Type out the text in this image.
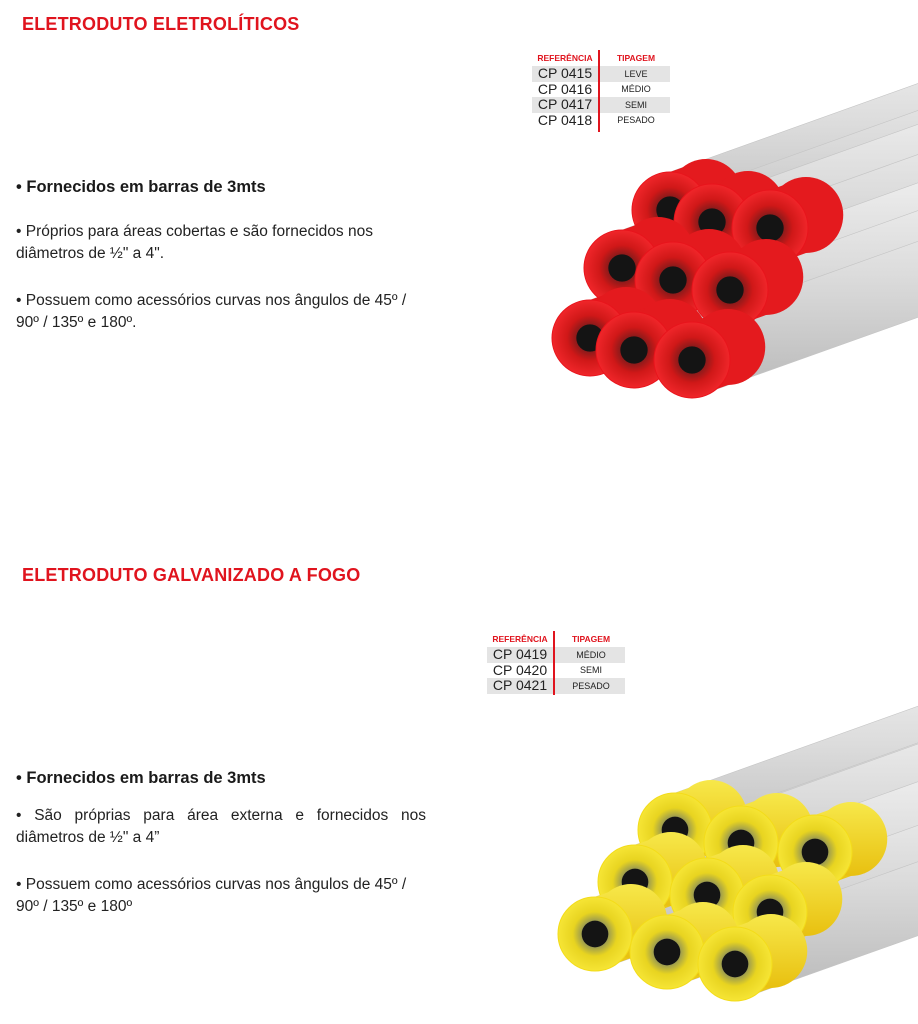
ELETRODUTO ELETROLÍTICOS
REFERÊNCIA	TIPAGEM
CP 0415	LEVE
CP 0416	MÉDIO
CP 0417	SEMI
CP 0418	PESADO
• Fornecidos em barras de 3mts
• Próprios para áreas cobertas e são fornecidos nos diâmetros de ½" a 4".
• Possuem como acessórios curvas nos ângulos de 45º / 90º / 135º e 180º.
ELETRODUTO GALVANIZADO A FOGO
REFERÊNCIA	TIPAGEM
CP 0419	MÉDIO
CP 0420	SEMI
CP 0421	PESADO
• Fornecidos em barras de 3mts
• São próprias para área externa e fornecidos nos diâmetros de ½" a 4”
• Possuem como acessórios curvas nos ângulos de 45º / 90º / 135º e 180º
